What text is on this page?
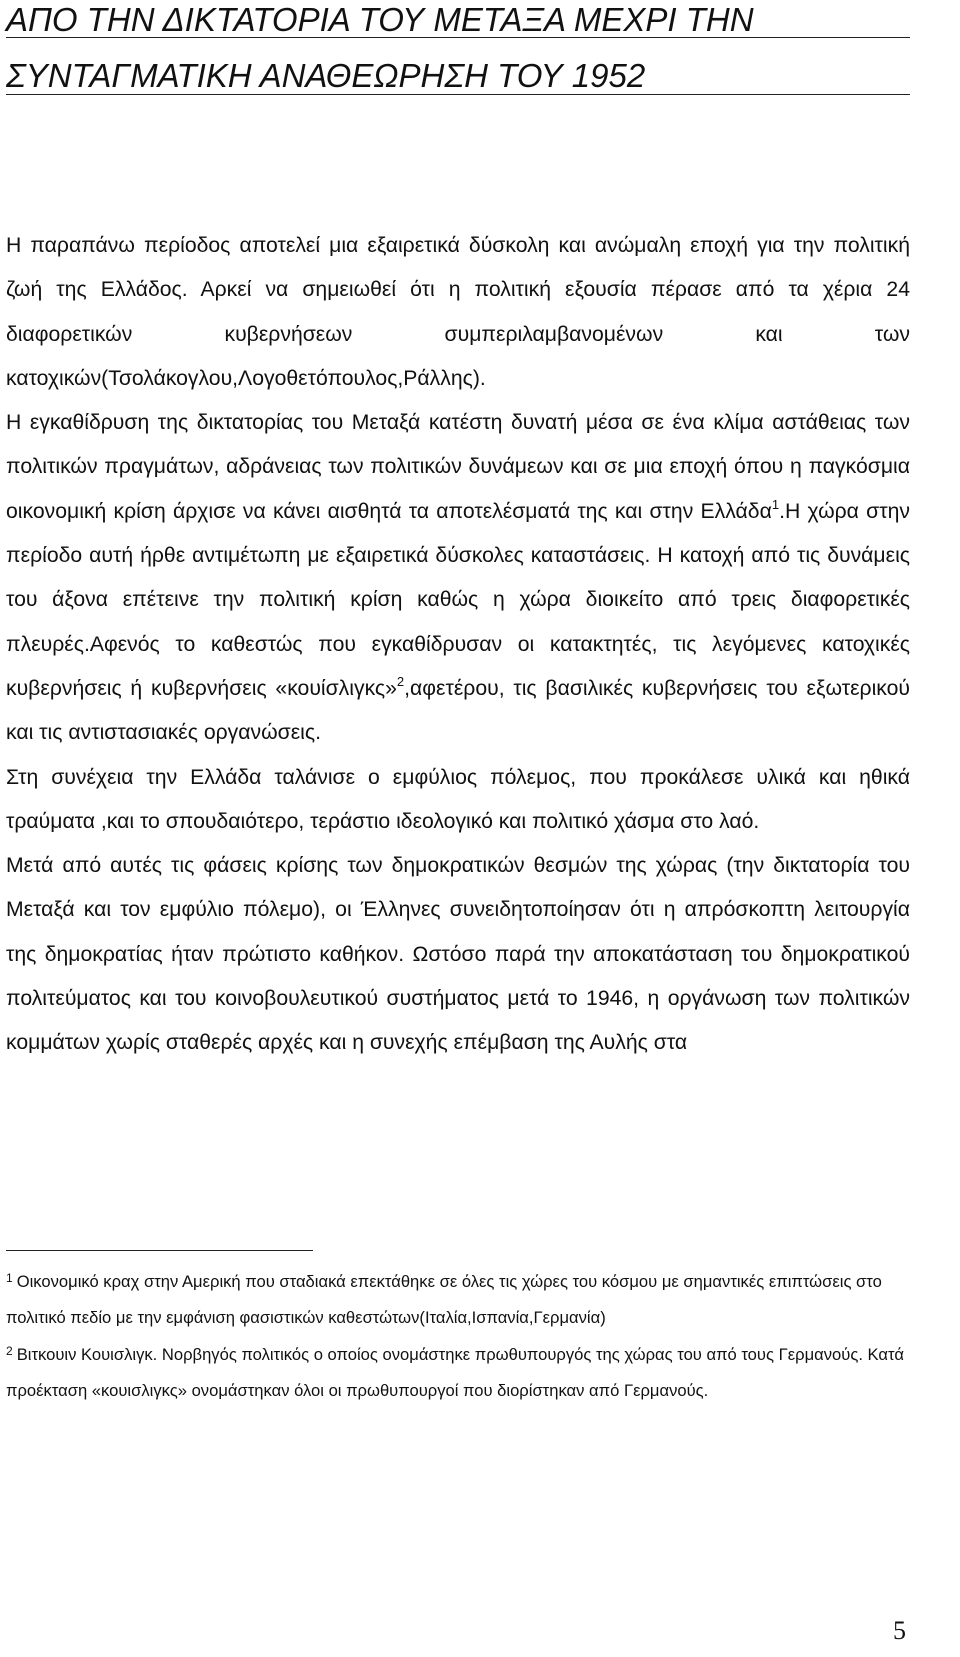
ΑΠΟ ΤΗΝ ΔΙΚΤΑΤΟΡΙΑ ΤΟΥ ΜΕΤΑΞΑ ΜΕΧΡΙ ΤΗΝ
ΣΥΝΤΑΓΜΑΤΙΚΗ ΑΝΑΘΕΩΡΗΣΗ ΤΟΥ 1952

Η παραπάνω περίοδος αποτελεί μια εξαιρετικά δύσκολη και ανώμαλη εποχή για την πολιτική ζωή της Ελλάδος. Αρκεί να σημειωθεί ότι η πολιτική εξουσία πέρασε από τα χέρια 24 διαφορετικών κυβερνήσεων συμπεριλαμβανομένων και των κατοχικών(Τσολάκογλου,Λογοθετόπουλος,Ράλλης).

Η εγκαθίδρυση της δικτατορίας του Μεταξά κατέστη δυνατή μέσα σε ένα κλίμα αστάθειας των πολιτικών πραγμάτων, αδράνειας των πολιτικών δυνάμεων και σε μια εποχή όπου η παγκόσμια οικονομική κρίση άρχισε να κάνει αισθητά τα αποτελέσματά της και στην Ελλάδα$^1$.Η χώρα στην περίοδο αυτή ήρθε αντιμέτωπη με εξαιρετικά δύσκολες καταστάσεις. Η κατοχή από τις δυνάμεις του άξονα επέτεινε την πολιτική κρίση καθώς η χώρα διοικείτο από τρεις διαφορετικές πλευρές.Αφενός το καθεστώς που εγκαθίδρυσαν οι κατακτητές, τις λεγόμενες κατοχικές κυβερνήσεις ή κυβερνήσεις «κουίσλιγκς»$^2$,αφετέρου, τις βασιλικές κυβερνήσεις του εξωτερικού και τις αντιστασιακές οργανώσεις.

Στη συνέχεια την Ελλάδα ταλάνισε ο εμφύλιος πόλεμος, που προκάλεσε υλικά και ηθικά τραύματα ,και το σπουδαιότερο, τεράστιο ιδεολογικό και πολιτικό χάσμα στο λαό.

Μετά από αυτές τις φάσεις κρίσης των δημοκρατικών θεσμών της χώρας (την δικτατορία του Μεταξά και τον εμφύλιο πόλεμο), οι Έλληνες συνειδητοποίησαν ότι η απρόσκοπτη λειτουργία της δημοκρατίας ήταν πρώτιστο καθήκον. Ωστόσο παρά την αποκατάσταση του δημοκρατικού πολιτεύματος και του κοινοβουλευτικού συστήματος μετά το 1946, η οργάνωση των πολιτικών κομμάτων χωρίς σταθερές αρχές και η συνεχής επέμβαση της Αυλής στα

$^1$ Οικονομικό κραχ στην Αμερική που σταδιακά επεκτάθηκε σε όλες τις χώρες του κόσμου με σημαντικές επιπτώσεις στο πολιτικό πεδίο με την εμφάνιση φασιστικών καθεστώτων(Ιταλία,Ισπανία,Γερμανία)

$^2$ Βιτκουιν Κουισλιγκ. Νορβηγός πολιτικός ο οποίος ονομάστηκε πρωθυπουργός της χώρας του από τους Γερμανούς. Κατά προέκταση «κουισλιγκς» ονομάστηκαν όλοι οι πρωθυπουργοί που διορίστηκαν από Γερμανούς.

5
